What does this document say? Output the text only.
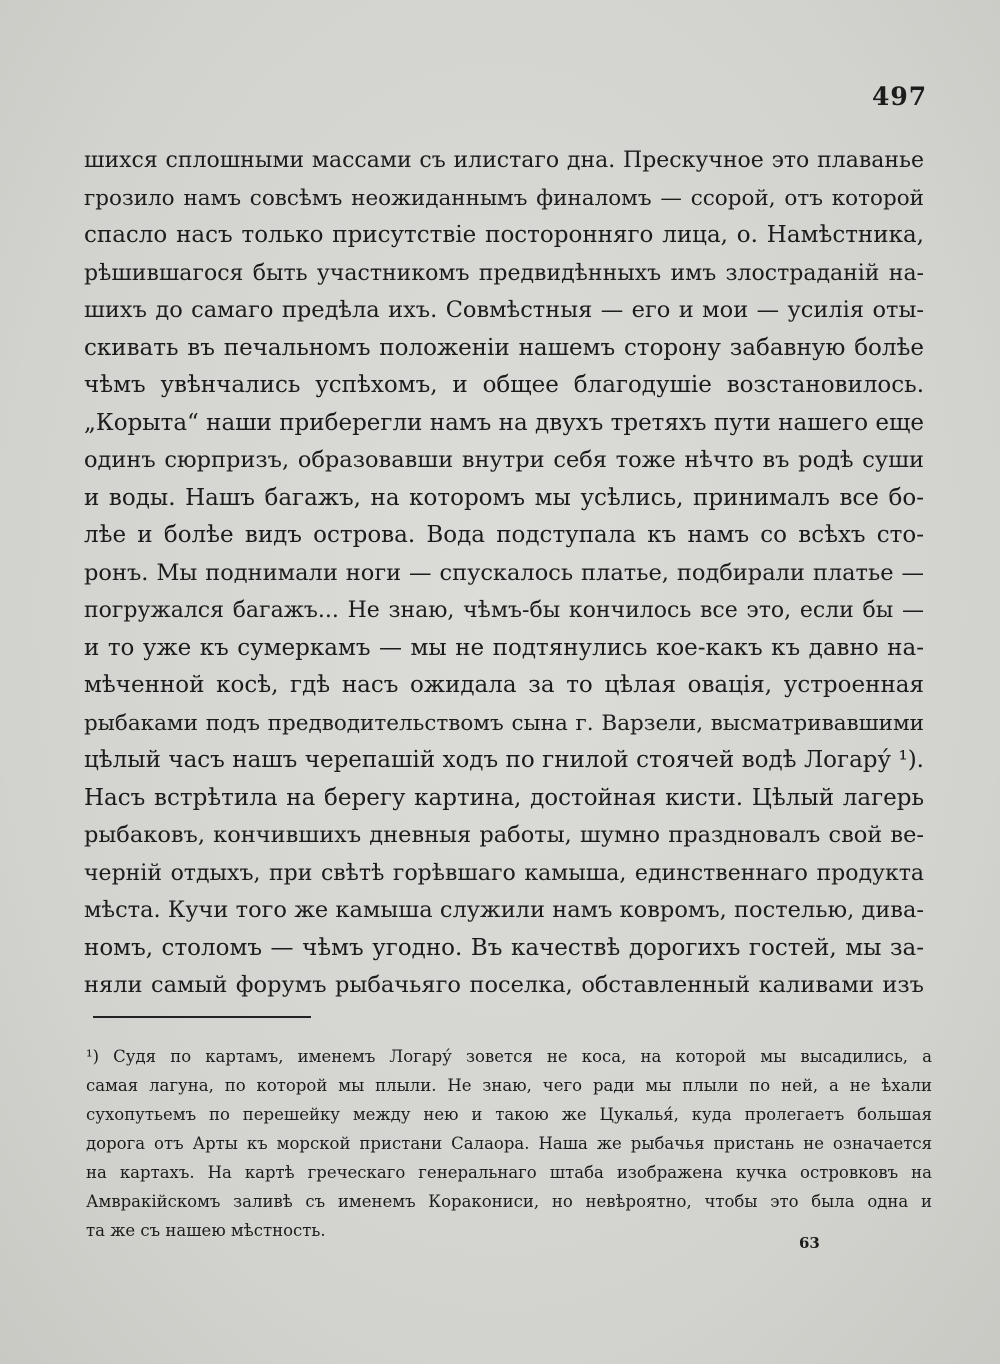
497
шихся сплошными массами съ илистаго дна. Прескучное это плаванье
грозило намъ совсѣмъ неожиданнымъ финаломъ — ссорой, отъ которой
спасло насъ только присутствіе посторонняго лица, о. Намѣстника,
рѣшившагося быть участникомъ предвидѣнныхъ имъ злостраданій на-
шихъ до самаго предѣла ихъ. Совмѣстныя — его и мои — усилія оты-
скивать въ печальномъ положеніи нашемъ сторону забавную болѣе
чѣмъ увѣнчались успѣхомъ, и общее благодушіе возстановилось.
„Корыта“ наши приберегли намъ на двухъ третяхъ пути нашего еще
одинъ сюрпризъ, образовавши внутри себя тоже нѣчто въ родѣ суши
и воды. Нашъ багажъ, на которомъ мы усѣлись, принималъ все бо-
лѣе и болѣе видъ острова. Вода подступала къ намъ со всѣхъ сто-
ронъ. Мы поднимали ноги — спускалось платье, подбирали платье —
погружался багажъ... Не знаю, чѣмъ-бы кончилось все это, если бы —
и то уже къ сумеркамъ — мы не подтянулись кое-какъ къ давно на-
мѣченной косѣ, гдѣ насъ ожидала за то цѣлая овація, устроенная
рыбаками подъ предводительствомъ сына г. Варзели, высматривавшими
цѣлый часъ нашъ черепашій ходъ по гнилой стоячей водѣ Логару́ ¹).
Насъ встрѣтила на берегу картина, достойная кисти. Цѣлый лагерь
рыбаковъ, кончившихъ дневныя работы, шумно праздновалъ свой ве-
черній отдыхъ, при свѣтѣ горѣвшаго камыша, единственнаго продукта
мѣста. Кучи того же камыша служили намъ ковромъ, постелью, дива-
номъ, столомъ — чѣмъ угодно. Въ качествѣ дорогихъ гостей, мы за-
няли самый форумъ рыбачьяго поселка, обставленный каливами изъ
¹) Судя по картамъ, именемъ Логару́ зовется не коса, на которой мы высадились, а
самая лагуна, по которой мы плыли. Не знаю, чего ради мы плыли по ней, а не ѣхали
сухопутьемъ по перешейку между нею и такою же Цукалья́, куда пролегаетъ большая
дорога отъ Арты къ морской пристани Салаора. Наша же рыбачья пристань не означается
на картахъ. На картѣ греческаго генеральнаго штаба изображена кучка островковъ на
Амвракійскомъ заливѣ съ именемъ Коракониси, но невѣроятно, чтобы это была одна и
та же съ нашею мѣстность.
63
